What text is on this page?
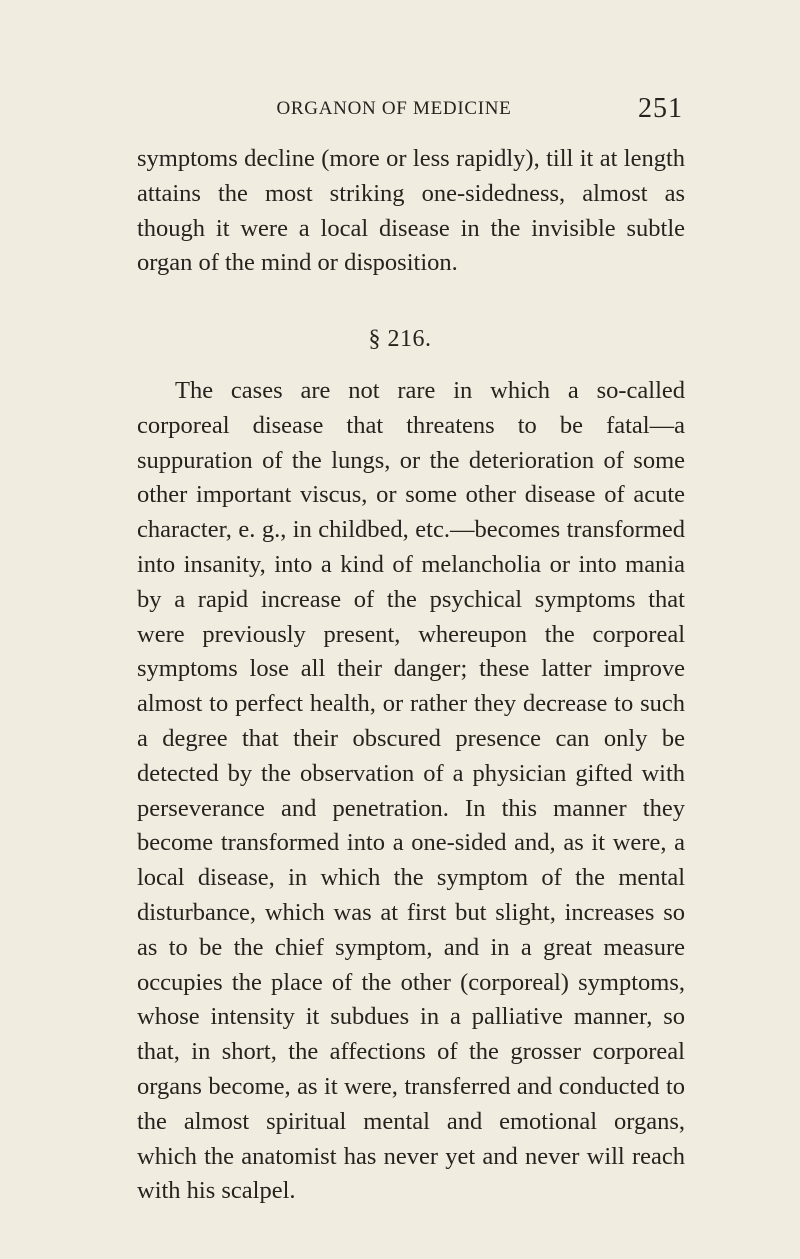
ORGANON OF MEDICINE	251

symptoms decline (more or less rapidly), till it at length attains the most striking one-sidedness, almost as though it were a local disease in the invisible subtle organ of the mind or disposition.

§ 216.

The cases are not rare in which a so-called corporeal disease that threatens to be fatal—a suppuration of the lungs, or the deterioration of some other important viscus, or some other disease of acute character, e. g., in childbed, etc.—becomes transformed into insanity, into a kind of melancholia or into mania by a rapid increase of the psychical symptoms that were previously present, whereupon the corporeal symptoms lose all their danger; these latter improve almost to perfect health, or rather they decrease to such a degree that their obscured presence can only be detected by the observation of a physician gifted with perseverance and penetration. In this manner they become transformed into a one-sided and, as it were, a local disease, in which the symptom of the mental disturbance, which was at first but slight, increases so as to be the chief symptom, and in a great measure occupies the place of the other (corporeal) symptoms, whose intensity it subdues in a palliative manner, so that, in short, the affections of the grosser corporeal organs become, as it were, transferred and conducted to the almost spiritual mental and emotional organs, which the anatomist has never yet and never will reach with his scalpel.
